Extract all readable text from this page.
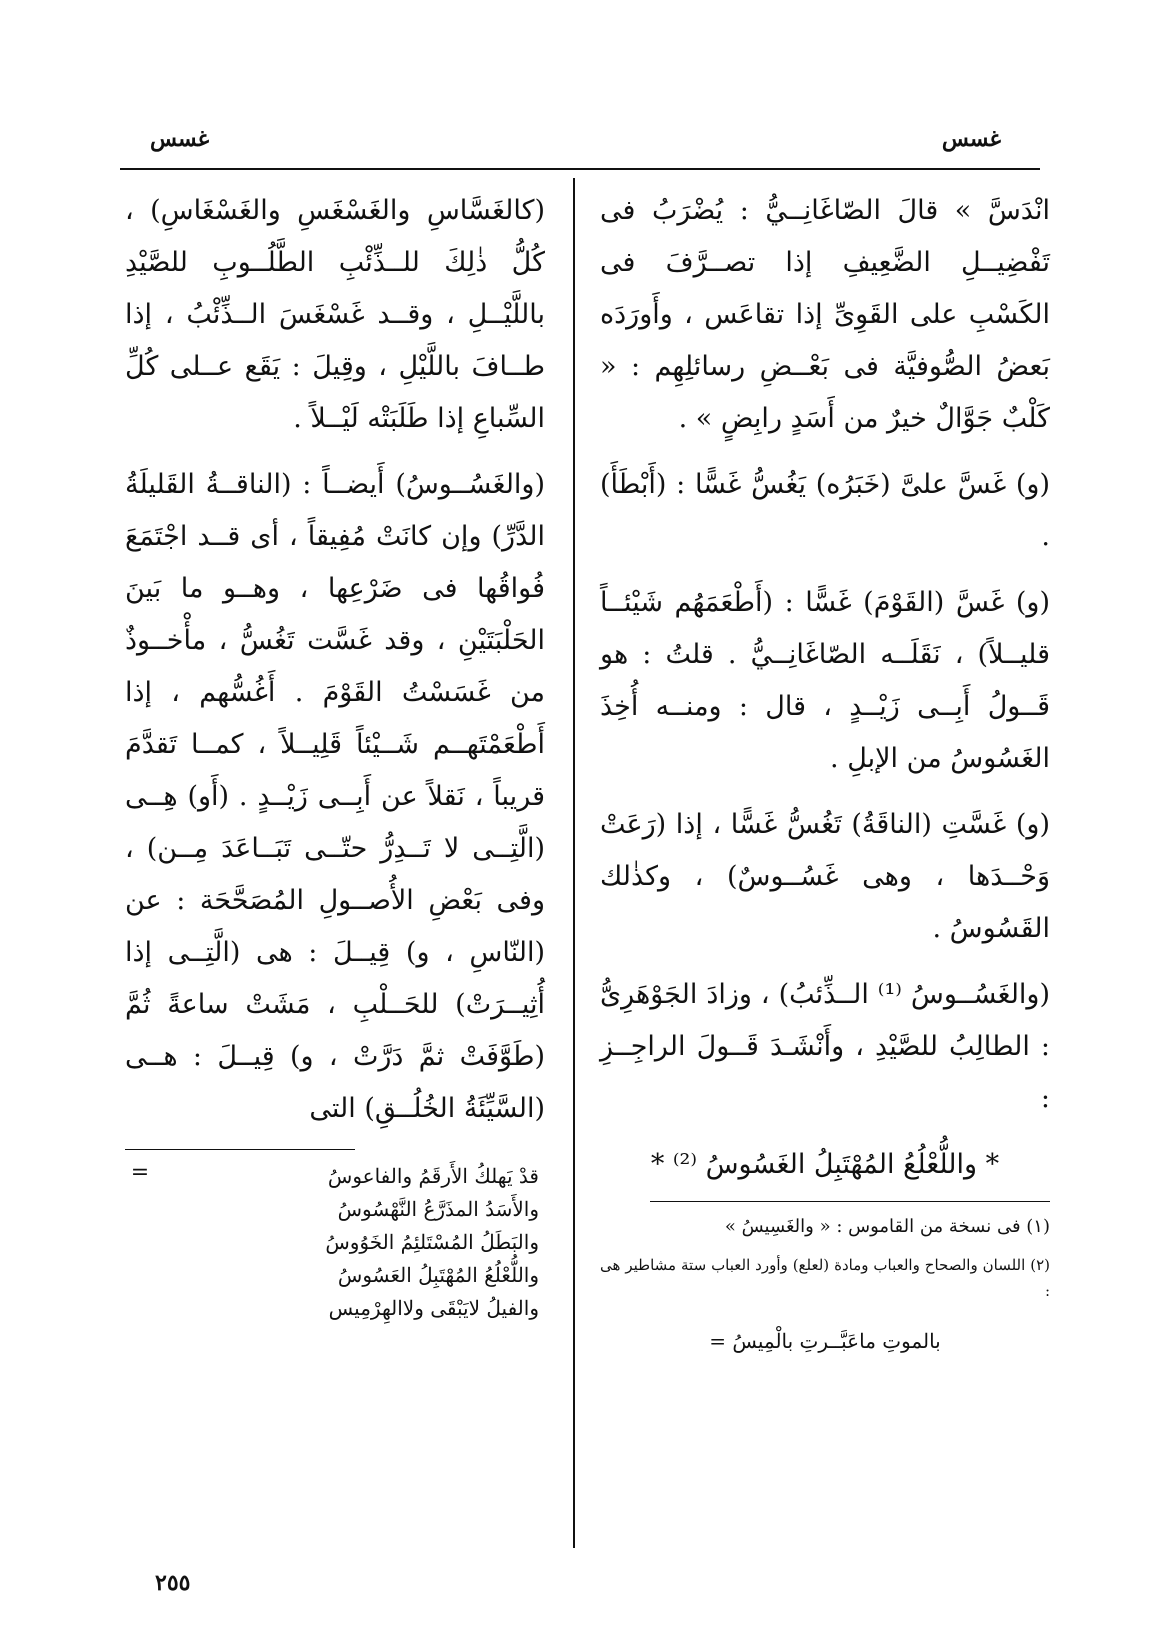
غسس
غسس

انْدَسَّ » قالَ الصّاغَانِــيُّ : يُضْرَبُ فى تَفْضِيــلِ الضَّعِيفِ إذا تصــرَّفَ فى الكَسْبِ على القَوِىِّ إذا تقاعَس ، وأَورَدَه بَعضُ الصُّوفيَّة فى بَعْــضِ رسائلِهِم : « كَلْبٌ جَوَّالٌ خيرٌ من أَسَدٍ رابِضٍ » .

(و) غَسَّ علىَّ (خَبَرُه) يَغُسُّ غَسًّا : (أَبْطَأَ) .

(و) غَسَّ (القَوْمَ) غَسًّا : (أَطْعَمَهُم شَيْئــاً قليــلاً) ، نَقَلَــه الصّاغَانِــيُّ . قلتُ : هو قَــولُ أَبِــى زَيْــدٍ ، قال : ومنــه أُخِذَ الغَسُوسُ من الإبلِ .

(و) غَسَّتِ (الناقَةُ) تَغُسُّ غَسًّا ، إذا (رَعَتْ وَحْــدَها ، وهى غَسُــوسٌ) ، وكذٰلك القَسُوسُ .

(والغَسُــوسُ ⁽¹⁾ الــذِّئبُ) ، وزادَ الجَوْهَرِىُّ : الطالِبُ للصَّيْدِ ، وأَنْشَـدَ قَــولَ الراجِــزِ :

* واللُّعْلُعُ المُهْتَبِلُ الغَسُوسُ ⁽²⁾ *

(١) فى نسخة من القاموس : « والغَسِيسُ »

(٢) اللسان والصحاح والعباب ومادة (لعلع) وأورد العباب ستة مشاطير هى :

بالموتِ ماعَبَّــرتِ بالْمِيسُ =

(كالغَسَّاسِ والغَسْغَسِ والغَسْغَاسِ) ، كُلُّ ذٰلِكَ للــذِّئْبِ الطَّلُــوبِ للصَّيْدِ باللَّيْــلِ ، وقــد غَسْغَسَ الــذِّئْبُ ، إذا طــافَ باللَّيْلِ ، وقِيلَ : يَقَع عــلى كُلِّ السِّباعِ إذا طَلَبَتْه لَيْــلاً .

(والغَسُــوسُ) أَيضــاً : (الناقــةُ القَليلَةُ الدَّرِّ) وإن كانَتْ مُفِيقاً ، أى قــد اجْتَمَعَ فُواقُها فى ضَرْعِها ، وهــو ما بَينَ الحَلْبَتَيْنِ ، وقد غَسَّت تَغُسُّ ، مأْخــوذٌ من غَسَسْتُ القَوْمَ . أَغُسُّهم ، إذا أَطْعَمْتَهــم شَــيْئاً قَلِيــلاً ، كمــا تَقدَّمَ قريباً ، نَقلاً عن أَبِــى زَيْــدٍ . (أَو) هِــى (الَّتِــى لا تَــدِرُّ حتّــى تَبَــاعَدَ مِــن) ، وفى بَعْضِ الأُصــولِ المُصَحَّحَة : عن (النّاسِ ، و) قِيــلَ : هى (الَّتِــى إذا أُثِيــرَتْ) للحَــلْبِ ، مَشَتْ ساعةً ثُمَّ (طَوَّفَتْ ثمَّ دَرَّتْ ، و) قِيــلَ : هــى (السَّيِّئَةُ الخُلُــقِ) التى

قدْ يَهلكُ الأَرقَمُ والفاعوسُ
والأَسَدُ المذَرَّعُ النَّهْسُوسُ
والبَطَلُ المُسْتَلئِمُ الخَوُوسُ
واللُّعْلُعُ المُهْتَبِلُ العَسُوسُ
والفيلُ لايَبْقَى ولاالهِرْمِيس
=
٢٥٥
